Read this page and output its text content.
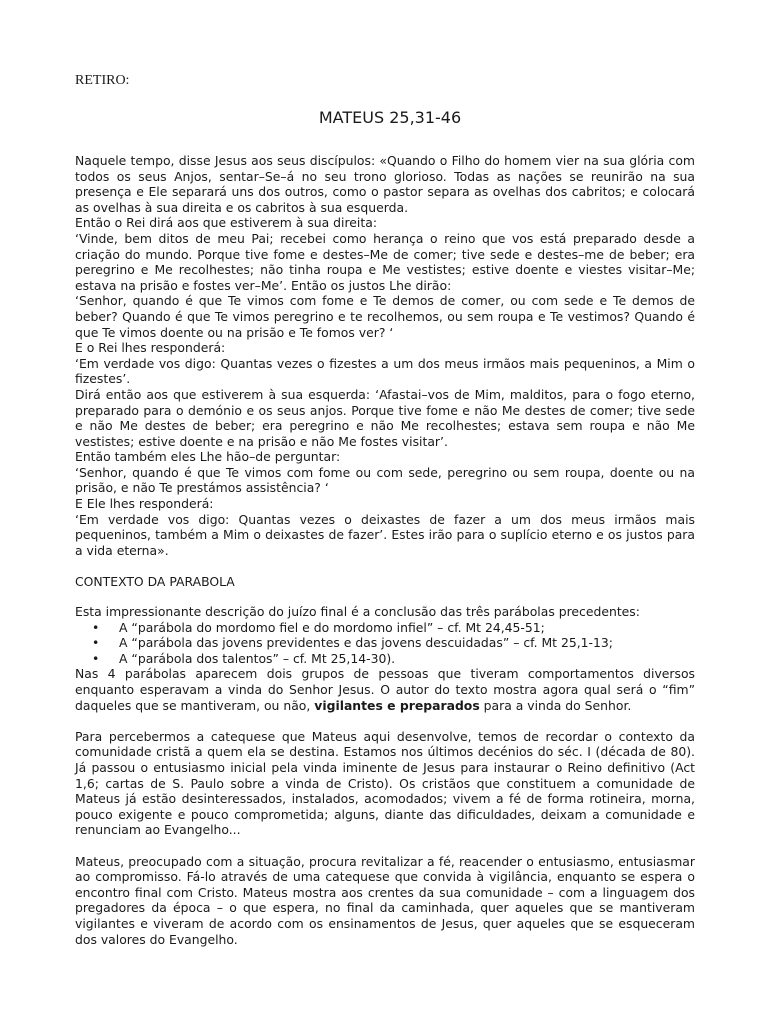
RETIRO:

MATEUS 25,31-46

Naquele tempo, disse Jesus aos seus discípulos: «Quando o Filho do homem vier na sua glória com todos os seus Anjos, sentar–Se–á no seu trono glorioso. Todas as nações se reunirão na sua presença e Ele separará uns dos outros, como o pastor separa as ovelhas dos cabritos; e colocará as ovelhas à sua direita e os cabritos à sua esquerda.

Então o Rei dirá aos que estiverem à sua direita:

‘Vinde, bem ditos de meu Pai; recebei como herança o reino que vos está preparado desde a criação do mundo. Porque tive fome e destes–Me de comer; tive sede e destes–me de beber; era peregrino e Me recolhestes; não tinha roupa e Me vestistes; estive doente e viestes visitar–Me; estava na prisão e fostes ver–Me’. Então os justos Lhe dirão:

‘Senhor, quando é que Te vimos com fome e Te demos de comer, ou com sede e Te demos de beber? Quando é que Te vimos peregrino e te recolhemos, ou sem roupa e Te vestimos? Quando é que Te vimos doente ou na prisão e Te fomos ver? ‘

E o Rei lhes responderá:

‘Em verdade vos digo: Quantas vezes o fizestes a um dos meus irmãos mais pequeninos, a Mim o fizestes’.

Dirá então aos que estiverem à sua esquerda: ‘Afastai–vos de Mim, malditos, para o fogo eterno, preparado para o demónio e os seus anjos. Porque tive fome e não Me destes de comer; tive sede e não Me destes de beber; era peregrino e não Me recolhestes; estava sem roupa e não Me vestistes; estive doente e na prisão e não Me fostes visitar’.

Então também eles Lhe hão–de perguntar:

‘Senhor, quando é que Te vimos com fome ou com sede, peregrino ou sem roupa, doente ou na prisão, e não Te prestámos assistência? ‘

E Ele lhes responderá:

‘Em verdade vos digo: Quantas vezes o deixastes de fazer a um dos meus irmãos mais pequeninos, também a Mim o deixastes de fazer’. Estes irão para o suplício eterno e os justos para a vida eterna».

CONTEXTO DA PARABOLA

Esta impressionante descrição do juízo final é a conclusão das três parábolas precedentes:

• A “parábola do mordomo fiel e do mordomo infiel” – cf. Mt 24,45-51;
• A “parábola das jovens previdentes e das jovens descuidadas” – cf. Mt 25,1-13;
• A “parábola dos talentos” – cf. Mt 25,14-30).

Nas 4 parábolas aparecem dois grupos de pessoas que tiveram comportamentos diversos enquanto esperavam a vinda do Senhor Jesus. O autor do texto mostra agora qual será o “fim” daqueles que se mantiveram, ou não, vigilantes e preparados para a vinda do Senhor.

Para percebermos a catequese que Mateus aqui desenvolve, temos de recordar o contexto da comunidade cristã a quem ela se destina. Estamos nos últimos decénios do séc. I (década de 80). Já passou o entusiasmo inicial pela vinda iminente de Jesus para instaurar o Reino definitivo (Act 1,6; cartas de S. Paulo sobre a vinda de Cristo). Os cristãos que constituem a comunidade de Mateus já estão desinteressados, instalados, acomodados; vivem a fé de forma rotineira, morna, pouco exigente e pouco comprometida; alguns, diante das dificuldades, deixam a comunidade e renunciam ao Evangelho...

Mateus, preocupado com a situação, procura revitalizar a fé, reacender o entusiasmo, entusiasmar ao compromisso. Fá-lo através de uma catequese que convida à vigilância, enquanto se espera o encontro final com Cristo. Mateus mostra aos crentes da sua comunidade – com a linguagem dos pregadores da época – o que espera, no final da caminhada, quer aqueles que se mantiveram vigilantes e viveram de acordo com os ensinamentos de Jesus, quer aqueles que se esqueceram dos valores do Evangelho.
